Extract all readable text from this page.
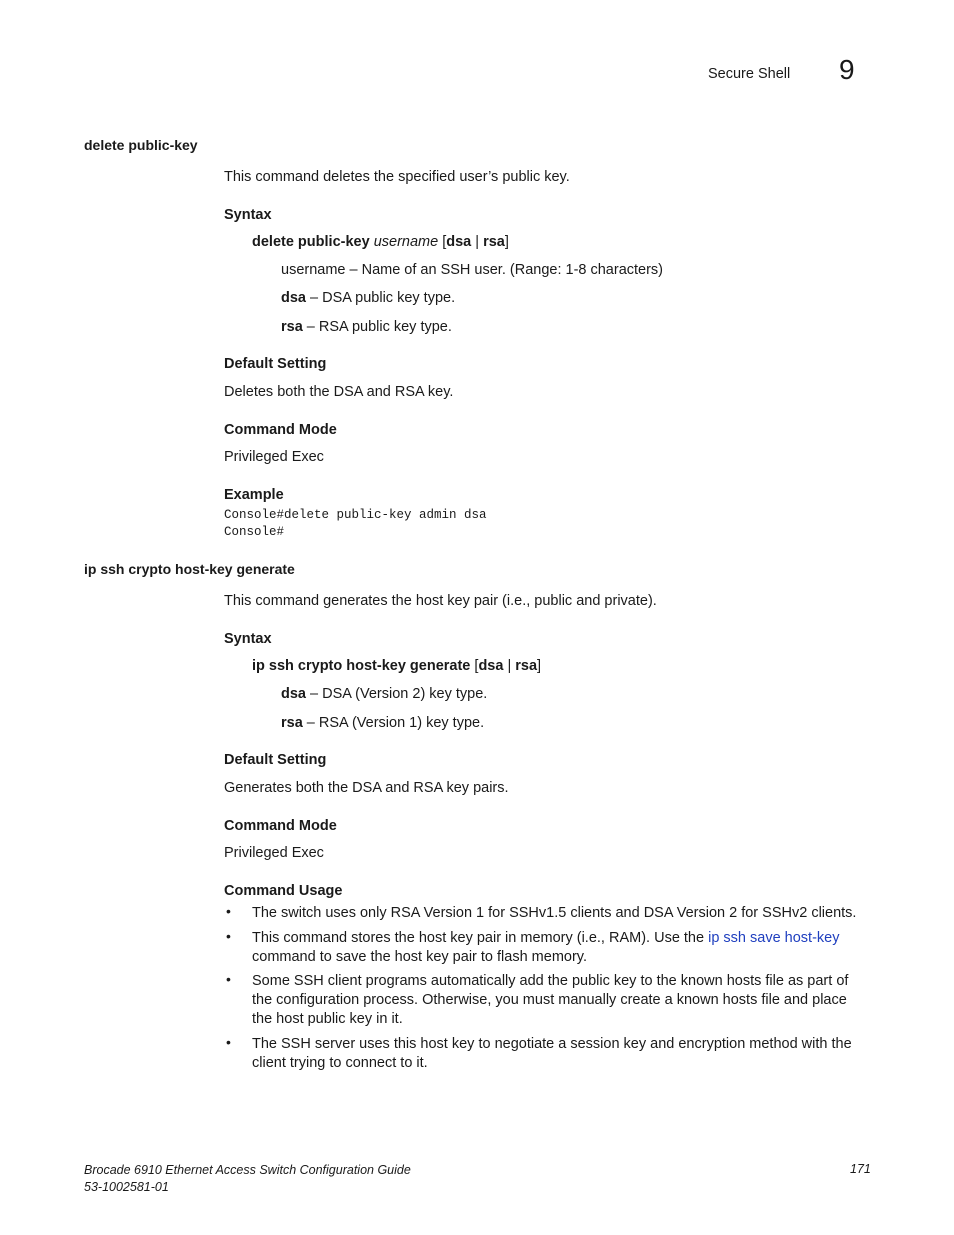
Secure Shell 9
delete public-key
This command deletes the specified user’s public key.
Syntax
delete public-key username [dsa | rsa]
username – Name of an SSH user. (Range: 1-8 characters)
dsa – DSA public key type.
rsa – RSA public key type.
Default Setting
Deletes both the DSA and RSA key.
Command Mode
Privileged Exec
Example
Console#delete public-key admin dsa
Console#
ip ssh crypto host-key generate
This command generates the host key pair (i.e., public and private).
Syntax
ip ssh crypto host-key generate [dsa | rsa]
dsa – DSA (Version 2) key type.
rsa – RSA (Version 1) key type.
Default Setting
Generates both the DSA and RSA key pairs.
Command Mode
Privileged Exec
Command Usage
• The switch uses only RSA Version 1 for SSHv1.5 clients and DSA Version 2 for SSHv2 clients.
• This command stores the host key pair in memory (i.e., RAM). Use the ip ssh save host-key command to save the host key pair to flash memory.
• Some SSH client programs automatically add the public key to the known hosts file as part of the configuration process. Otherwise, you must manually create a known hosts file and place the host public key in it.
• The SSH server uses this host key to negotiate a session key and encryption method with the client trying to connect to it.
Brocade 6910 Ethernet Access Switch Configuration Guide
53-1002581-01
171
